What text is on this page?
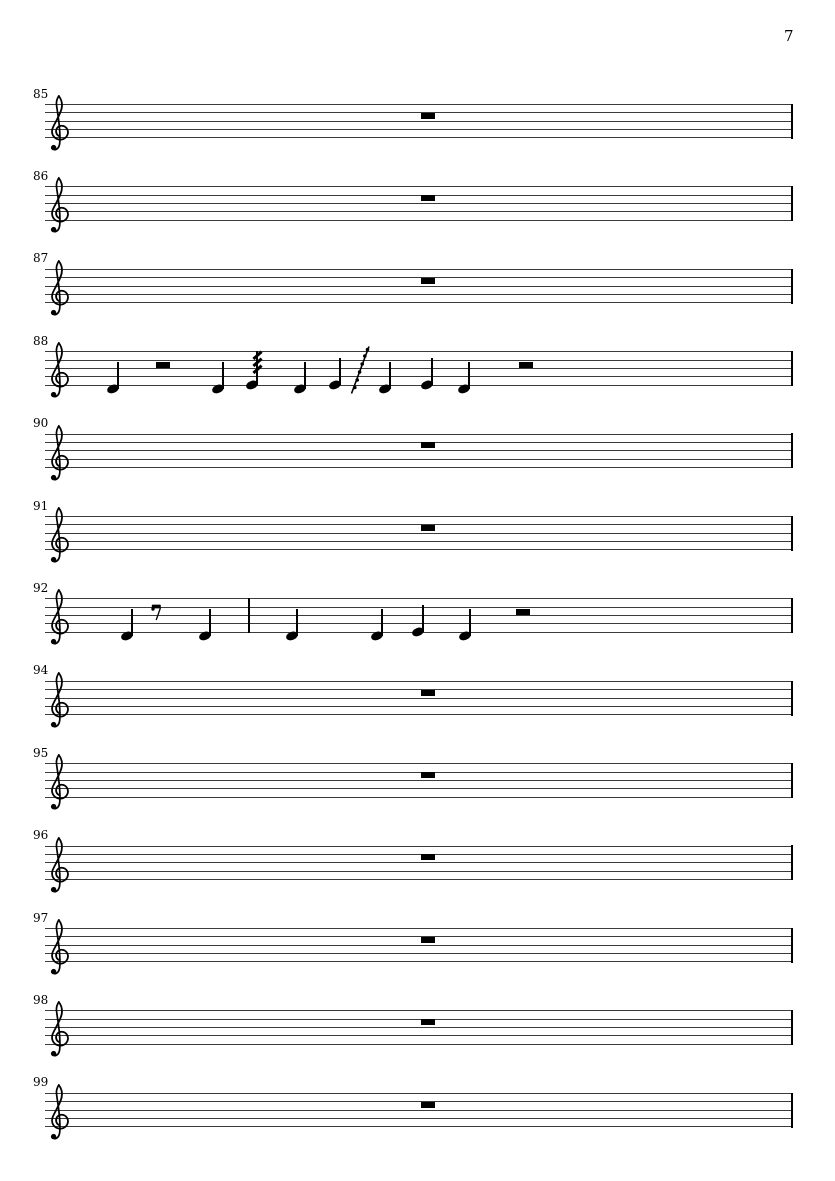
7
85
86
87
88
90
91
92
94
95
96
97
98
99
